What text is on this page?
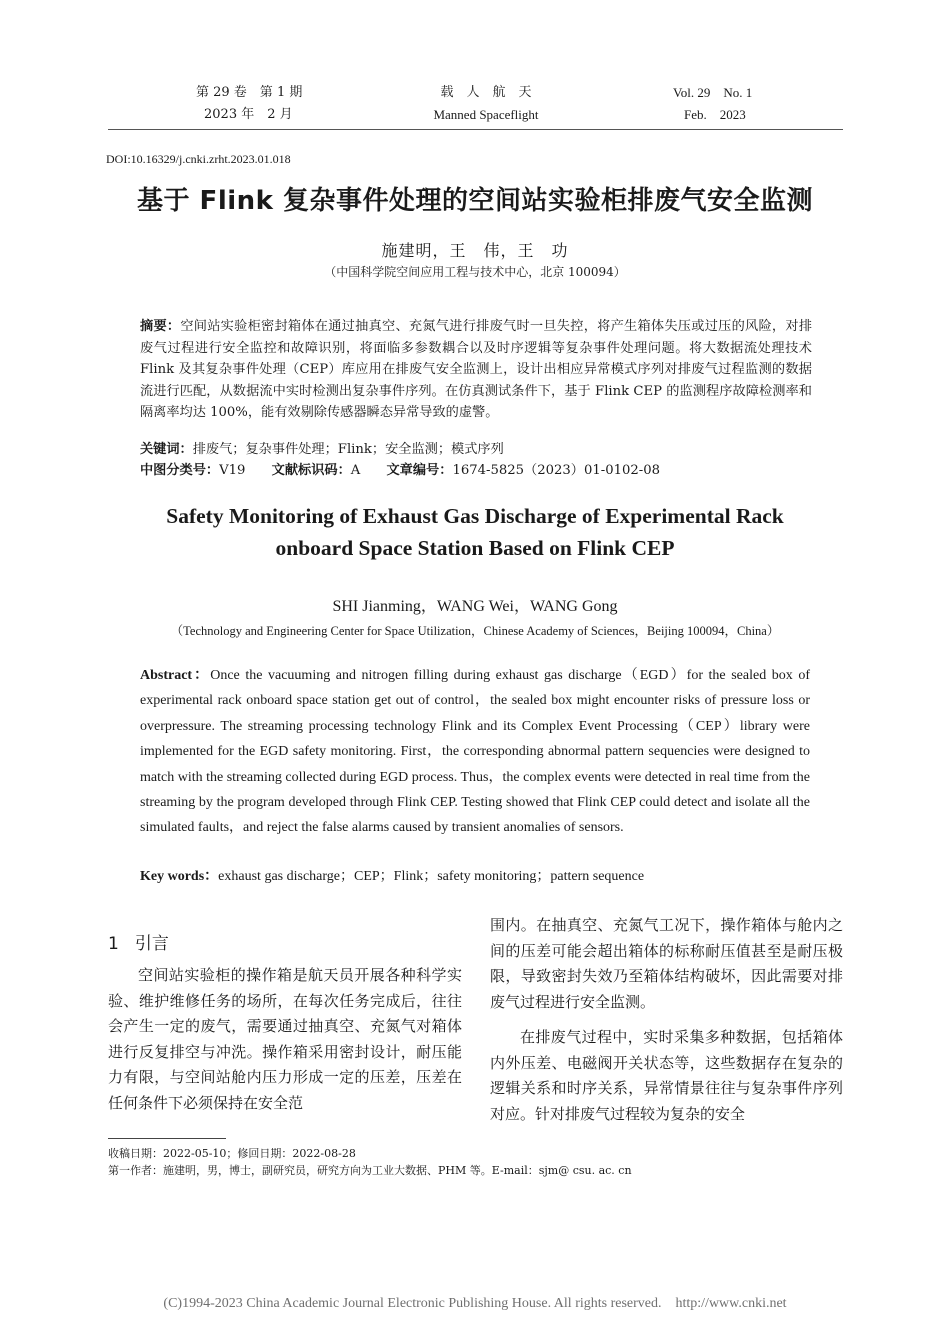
第 29 卷　第 1 期
2023 年　2 月
载　人　航　天
Manned Spaceflight
Vol. 29　No. 1
Feb.　2023
DOI:10.16329/j.cnki.zrht.2023.01.018
基于 Flink 复杂事件处理的空间站实验柜排废气安全监测
施建明，王　伟，王　功
（中国科学院空间应用工程与技术中心，北京 100094）
摘要：空间站实验柜密封箱体在通过抽真空、充氮气进行排废气时一旦失控，将产生箱体失压或过压的风险，对排废气过程进行安全监控和故障识别，将面临多参数耦合以及时序逻辑等复杂事件处理问题。将大数据流处理技术 Flink 及其复杂事件处理（CEP）库应用在排废气安全监测上，设计出相应异常模式序列对排废气过程监测的数据流进行匹配，从数据流中实时检测出复杂事件序列。在仿真测试条件下，基于 Flink CEP 的监测程序故障检测率和隔离率均达 100%，能有效剔除传感器瞬态异常导致的虚警。
关键词：排废气；复杂事件处理；Flink；安全监测；模式序列
中图分类号：V19 文献标识码：A 文章编号：1674-5825（2023）01-0102-08
Safety Monitoring of Exhaust Gas Discharge of Experimental Rack
onboard Space Station Based on Flink CEP
SHI Jianming，WANG Wei，WANG Gong
（Technology and Engineering Center for Space Utilization，Chinese Academy of Sciences，Beijing 100094，China）
Abstract：Once the vacuuming and nitrogen filling during exhaust gas discharge（EGD）for the sealed box of experimental rack onboard space station get out of control，the sealed box might encounter risks of pressure loss or overpressure. The streaming processing technology Flink and its Complex Event Processing（CEP）library were implemented for the EGD safety monitoring. First，the corresponding abnormal pattern sequencies were designed to match with the streaming collected during EGD process. Thus，the complex events were detected in real time from the streaming by the program developed through Flink CEP. Testing showed that Flink CEP could detect and isolate all the simulated faults，and reject the false alarms caused by transient anomalies of sensors.
Key words：exhaust gas discharge；CEP；Flink；safety monitoring；pattern sequence
1 引言

空间站实验柜的操作箱是航天员开展各种科学实验、维护维修任务的场所，在每次任务完成后，往往会产生一定的废气，需要通过抽真空、充氮气对箱体进行反复排空与冲洗。操作箱采用密封设计，耐压能力有限，与空间站舱内压力形成一定的压差，压差在任何条件下必须保持在安全范

围内。在抽真空、充氮气工况下，操作箱体与舱内之间的压差可能会超出箱体的标称耐压值甚至是耐压极限，导致密封失效乃至箱体结构破坏，因此需要对排废气过程进行安全监测。

在排废气过程中，实时采集多种数据，包括箱体内外压差、电磁阀开关状态等，这些数据存在复杂的逻辑关系和时序关系，异常情景往往与复杂事件序列对应。针对排废气过程较为复杂的安全

收稿日期：2022-05-10；修回日期：2022-08-28
第一作者：施建明，男，博士，副研究员，研究方向为工业大数据、PHM 等。E-mail：sjm@ csu. ac. cn
(C)1994-2023 China Academic Journal Electronic Publishing House. All rights reserved.    http://www.cnki.net
